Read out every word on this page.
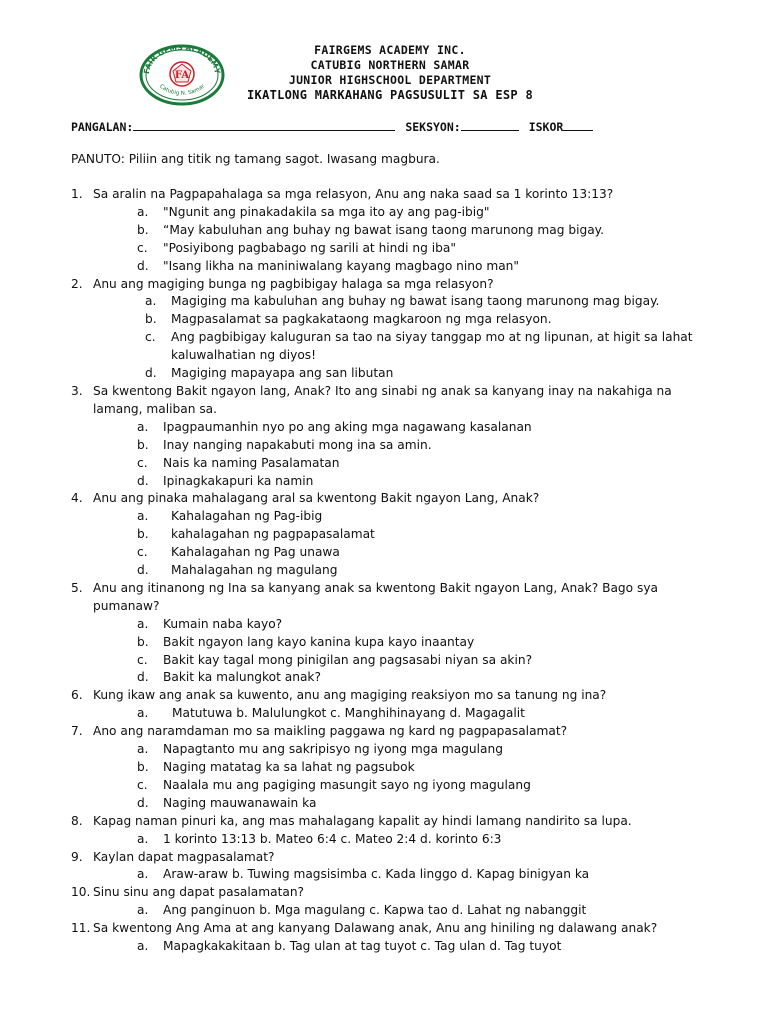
FAIR GEMS ACADEMY
Catubig N. Samar
FA
FAIRGEMS ACADEMY INC.
CATUBIG NORTHERN SAMAR
JUNIOR HIGHSCHOOL DEPARTMENT
IKATLONG MARKAHANG PAGSUSULIT SA ESP 8
PANGALAN:	SEKSYON:	ISKOR
PANUTO: Piliin ang titik ng tamang sagot. Iwasang magbura.
1. Sa aralin na Pagpapahalaga sa mga relasyon, Anu ang naka saad sa 1 korinto 13:13?
a. "Ngunit ang pinakadakila sa mga ito ay ang pag-ibig"
b. “May kabuluhan ang buhay ng bawat isang taong marunong mag bigay.
c. "Posiyibong pagbabago ng sarili at hindi ng iba"
d. "Isang likha na maniniwalang kayang magbago nino man"
2. Anu ang magiging bunga ng pagbibigay halaga sa mga relasyon?
a. Magiging ma kabuluhan ang buhay ng bawat isang taong marunong mag bigay.
b. Magpasalamat sa pagkakataong magkaroon ng mga relasyon.
c. Ang pagbibigay kaluguran sa tao na siyay tanggap mo at ng lipunan, at higit sa lahat kaluwalhatian ng diyos!
d. Magiging mapayapa ang san libutan
3. Sa kwentong Bakit ngayon lang, Anak? Ito ang sinabi ng anak sa kanyang inay na nakahiga na lamang, maliban sa.
a. Ipagpaumanhin nyo po ang aking mga nagawang kasalanan
b. Inay nanging napakabuti mong ina sa amin.
c. Nais ka naming Pasalamatan
d. Ipinagkakapuri ka namin
4. Anu ang pinaka mahalagang aral sa kwentong Bakit ngayon Lang, Anak?
a. Kahalagahan ng Pag-ibig
b. kahalagahan ng pagpapasalamat
c. Kahalagahan ng Pag unawa
d. Mahalagahan ng magulang
5. Anu ang itinanong ng Ina sa kanyang anak sa kwentong Bakit ngayon Lang, Anak? Bago sya pumanaw?
a. Kumain naba kayo?
b. Bakit ngayon lang kayo kanina kupa kayo inaantay
c. Bakit kay tagal mong pinigilan ang pagsasabi niyan sa akin?
d. Bakit ka malungkot anak?
6. Kung ikaw ang anak sa kuwento, anu ang magiging reaksiyon mo sa tanung ng ina?
a. Matutuwa b. Malulungkot c. Manghihinayang d. Magagalit
7. Ano ang naramdaman mo sa maikling paggawa ng kard ng pagpapasalamat?
a. Napagtanto mu ang sakripisyo ng iyong mga magulang
b. Naging matatag ka sa lahat ng pagsubok
c. Naalala mu ang pagiging masungit sayo ng iyong magulang
d. Naging mauwanawain ka
8. Kapag naman pinuri ka, ang mas mahalagang kapalit ay hindi lamang nandirito sa lupa.
a. 1 korinto 13:13 b. Mateo 6:4 c. Mateo 2:4 d. korinto 6:3
9. Kaylan dapat magpasalamat?
a. Araw-araw b. Tuwing magsisimba c. Kada linggo d. Kapag binigyan ka
10. Sinu sinu ang dapat pasalamatan?
a. Ang panginuon b. Mga magulang c. Kapwa tao d. Lahat ng nabanggit
11. Sa kwentong Ang Ama at ang kanyang Dalawang anak, Anu ang hiniling ng dalawang anak?
a. Mapagkakakitaan b. Tag ulan at tag tuyot c. Tag ulan d. Tag tuyot
